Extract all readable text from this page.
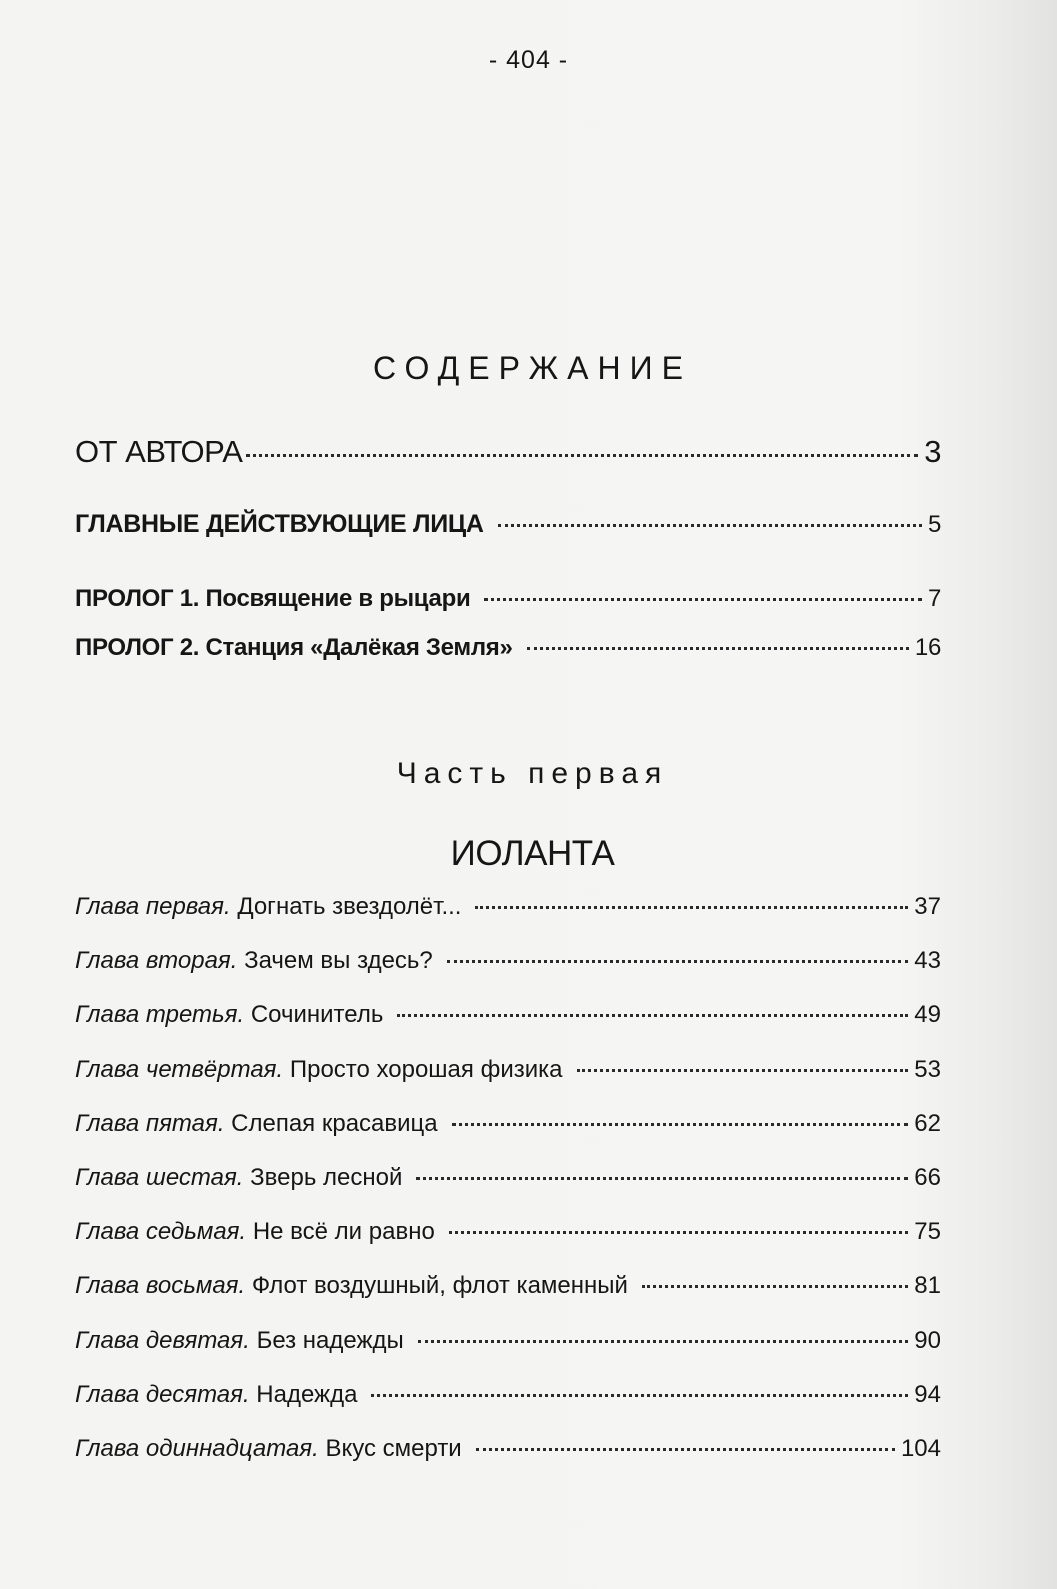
- 404 -
СОДЕРЖАНИЕ
ОТ АВТОРА	3
ГЛАВНЫЕ ДЕЙСТВУЮЩИЕ ЛИЦА	5
ПРОЛОГ 1. Посвящение в рыцари	7
ПРОЛОГ 2. Станция «Далёкая Земля»	16
Часть первая
ИОЛАНТА
Глава первая. Догнать звездолёт...	37
Глава вторая. Зачем вы здесь?	43
Глава третья. Сочинитель	49
Глава четвёртая. Просто хорошая физика	53
Глава пятая. Слепая красавица	62
Глава шестая. Зверь лесной	66
Глава седьмая. Не всё ли равно	75
Глава восьмая. Флот воздушный, флот каменный	81
Глава девятая. Без надежды	90
Глава десятая. Надежда	94
Глава одиннадцатая. Вкус смерти	104
